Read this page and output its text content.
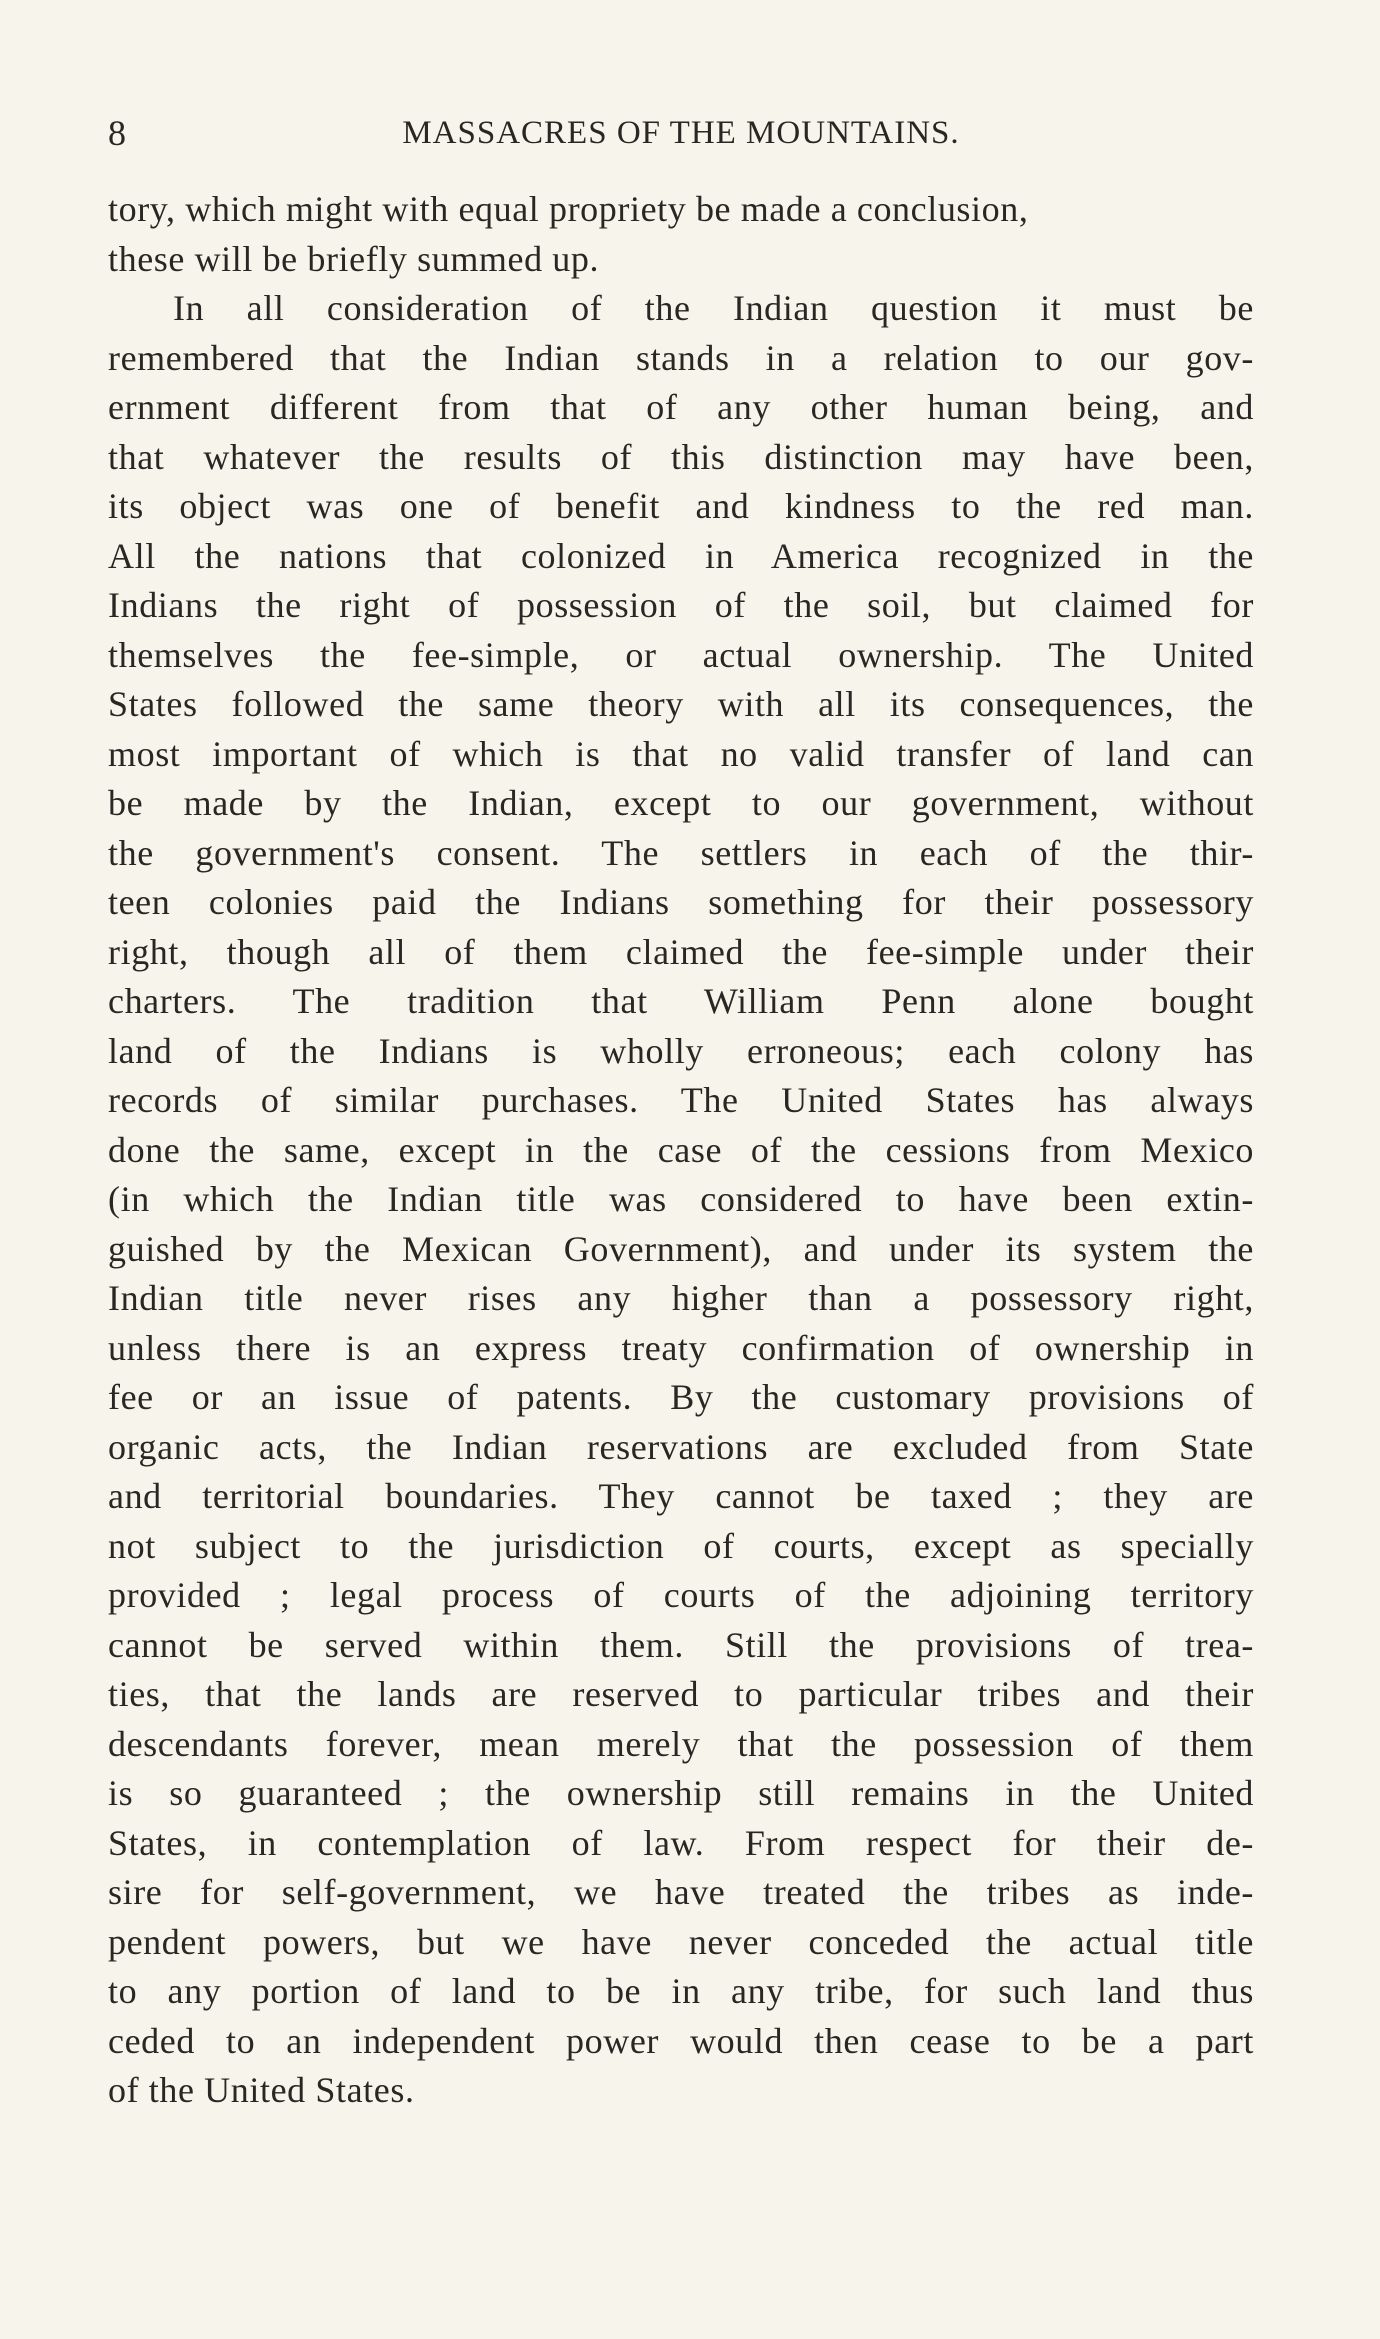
8	MASSACRES OF THE MOUNTAINS.
tory, which might with equal propriety be made a conclusion,
these will be briefly summed up.
In all consideration of the Indian question it must be
remembered that the Indian stands in a relation to our gov-
ernment different from that of any other human being, and
that whatever the results of this distinction may have been,
its object was one of benefit and kindness to the red man.
All the nations that colonized in America recognized in the
Indians the right of possession of the soil, but claimed for
themselves the fee-simple, or actual ownership. The United
States followed the same theory with all its consequences, the
most important of which is that no valid transfer of land can
be made by the Indian, except to our government, without
the government's consent. The settlers in each of the thir-
teen colonies paid the Indians something for their possessory
right, though all of them claimed the fee-simple under their
charters. The tradition that William Penn alone bought
land of the Indians is wholly erroneous; each colony has
records of similar purchases. The United States has always
done the same, except in the case of the cessions from Mexico
(in which the Indian title was considered to have been extin-
guished by the Mexican Government), and under its system the
Indian title never rises any higher than a possessory right,
unless there is an express treaty confirmation of ownership in
fee or an issue of patents. By the customary provisions of
organic acts, the Indian reservations are excluded from State
and territorial boundaries. They cannot be taxed ; they are
not subject to the jurisdiction of courts, except as specially
provided ; legal process of courts of the adjoining territory
cannot be served within them. Still the provisions of trea-
ties, that the lands are reserved to particular tribes and their
descendants forever, mean merely that the possession of them
is so guaranteed ; the ownership still remains in the United
States, in contemplation of law. From respect for their de-
sire for self-government, we have treated the tribes as inde-
pendent powers, but we have never conceded the actual title
to any portion of land to be in any tribe, for such land thus
ceded to an independent power would then cease to be a part
of the United States.
